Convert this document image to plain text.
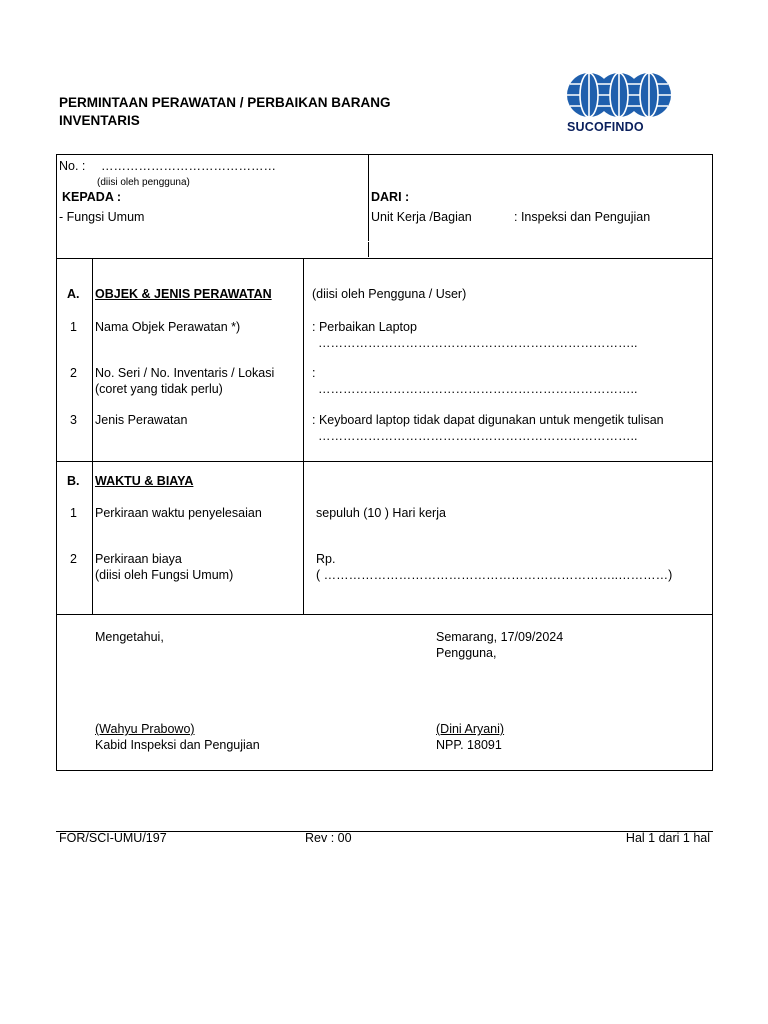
PERMINTAAN PERAWATAN / PERBAIKAN BARANG
INVENTARIS	SUCOFINDO
No. : ……………………………………
(diisi oleh pengguna)
KEPADA :
- Fungsi Umum
DARI :
Unit Kerja /Bagian	: Inspeksi dan Pengujian
A. OBJEK & JENIS PERAWATAN	(diisi oleh Pengguna / User)
1 Nama Objek Perawatan *)	: Perbaikan Laptop
…………………………………………………………………..
2 No. Seri / No. Inventaris / Lokasi
(coret yang tidak perlu)
:
…………………………………………………………………..
3 Jenis Perawatan	: Keyboard laptop tidak dapat digunakan untuk mengetik tulisan
…………………………………………………………………..
B. WAKTU & BIAYA
1 Perkiraan waktu penyelesaian	sepuluh (10 ) Hari kerja
2 Perkiraan biaya
(diisi oleh Fungsi Umum)
Rp.
( ……………………………………………………………..…………)
Mengetahui,
(Wahyu Prabowo)
Kabid Inspeksi dan Pengujian
Semarang, 17/09/2024
Pengguna,
(Dini Aryani)
NPP. 18091
FOR/SCI-UMU/197	Rev : 00	Hal 1 dari 1 hal
